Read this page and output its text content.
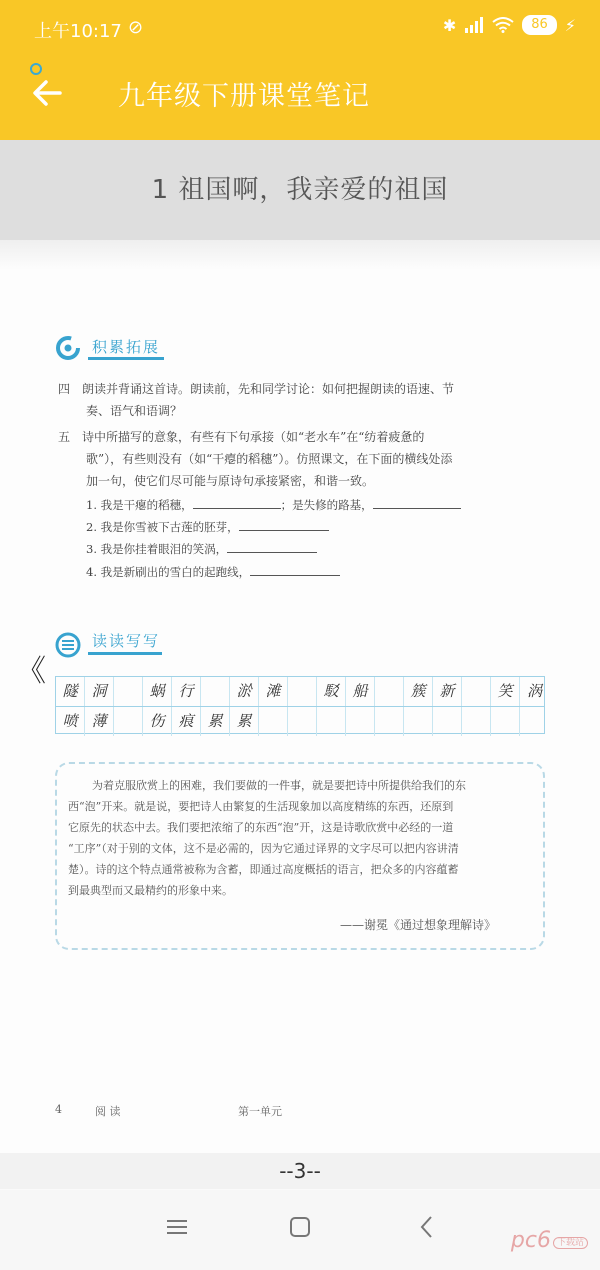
上午10:17 ⊘	✱	86	⚡
九年级下册课堂笔记
1 祖国啊，我亲爱的祖国
积累拓展
四　朗读并背诵这首诗。朗读前，先和同学讨论：如何把握朗读的语速、节
奏、语气和语调？
五　诗中所描写的意象，有些有下句承接（如“老水车”在“纺着疲惫的
歌”），有些则没有（如“干瘪的稻穗”）。仿照课文，在下面的横线处添
加一句，使它们尽可能与原诗句承接紧密，和谐一致。
1. 我是干瘪的稻穗，	；是失修的路基，
2. 我是你雪被下古莲的胚芽，
3. 我是你挂着眼泪的笑涡，
4. 我是新刷出的雪白的起跑线，
《
读读写写
隧 洞	蜗 行	淤 滩	駁 船	簇 新	笑 涡
喷 薄	伤 痕 累 累
为着克服欣赏上的困难，我们要做的一件事，就是要把诗中所提供给我们的东
西“泡”开来。就是说，要把诗人由繁复的生活现象加以高度精练的东西，还原到
它原先的状态中去。我们要把浓缩了的东西“泡”开，这是诗歌欣赏中必经的一道
“工序”（对于别的文体，这不是必需的，因为它通过译界的文字尽可以把内容讲清
楚）。诗的这个特点通常被称为含蓄，即通过高度概括的语言，把众多的内容蕴蓄
到最典型而又最精约的形象中来。
——谢冕《通过想象理解诗》
4	阅 读	第一单元
--3--
pc6 下载站
